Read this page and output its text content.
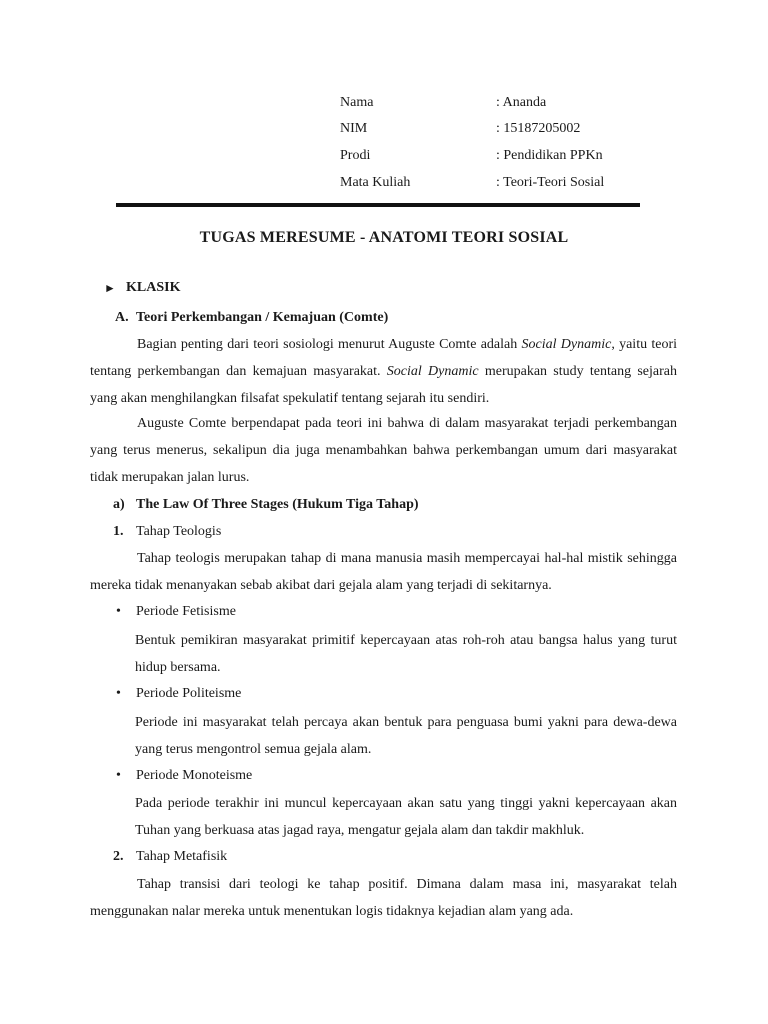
Nama	: Ananda
NIM	: 15187205002
Prodi	: Pendidikan PPKn
Mata Kuliah	: Teori-Teori Sosial
TUGAS MERESUME - ANATOMI TEORI SOSIAL
► KLASIK
A. Teori Perkembangan / Kemajuan (Comte)
Bagian penting dari teori sosiologi menurut Auguste Comte adalah Social Dynamic, yaitu teori tentang perkembangan dan kemajuan masyarakat. Social Dynamic merupakan study tentang sejarah yang akan menghilangkan filsafat spekulatif tentang sejarah itu sendiri.
Auguste Comte berpendapat pada teori ini bahwa di dalam masyarakat terjadi perkembangan yang terus menerus, sekalipun dia juga menambahkan bahwa perkembangan umum dari masyarakat tidak merupakan jalan lurus.
a) The Law Of Three Stages (Hukum Tiga Tahap)
1. Tahap Teologis
Tahap teologis merupakan tahap di mana manusia masih mempercayai hal-hal mistik sehingga mereka tidak menanyakan sebab akibat dari gejala alam yang terjadi di sekitarnya.
• Periode Fetisisme
Bentuk pemikiran masyarakat primitif kepercayaan atas roh-roh atau bangsa halus yang turut hidup bersama.
• Periode Politeisme
Periode ini masyarakat telah percaya akan bentuk para penguasa bumi yakni para dewa-dewa yang terus mengontrol semua gejala alam.
• Periode Monoteisme
Pada periode terakhir ini muncul kepercayaan akan satu yang tinggi yakni kepercayaan akan Tuhan yang berkuasa atas jagad raya, mengatur gejala alam dan takdir makhluk.
2. Tahap Metafisik
Tahap transisi dari teologi ke tahap positif. Dimana dalam masa ini, masyarakat telah menggunakan nalar mereka untuk menentukan logis tidaknya kejadian alam yang ada.
